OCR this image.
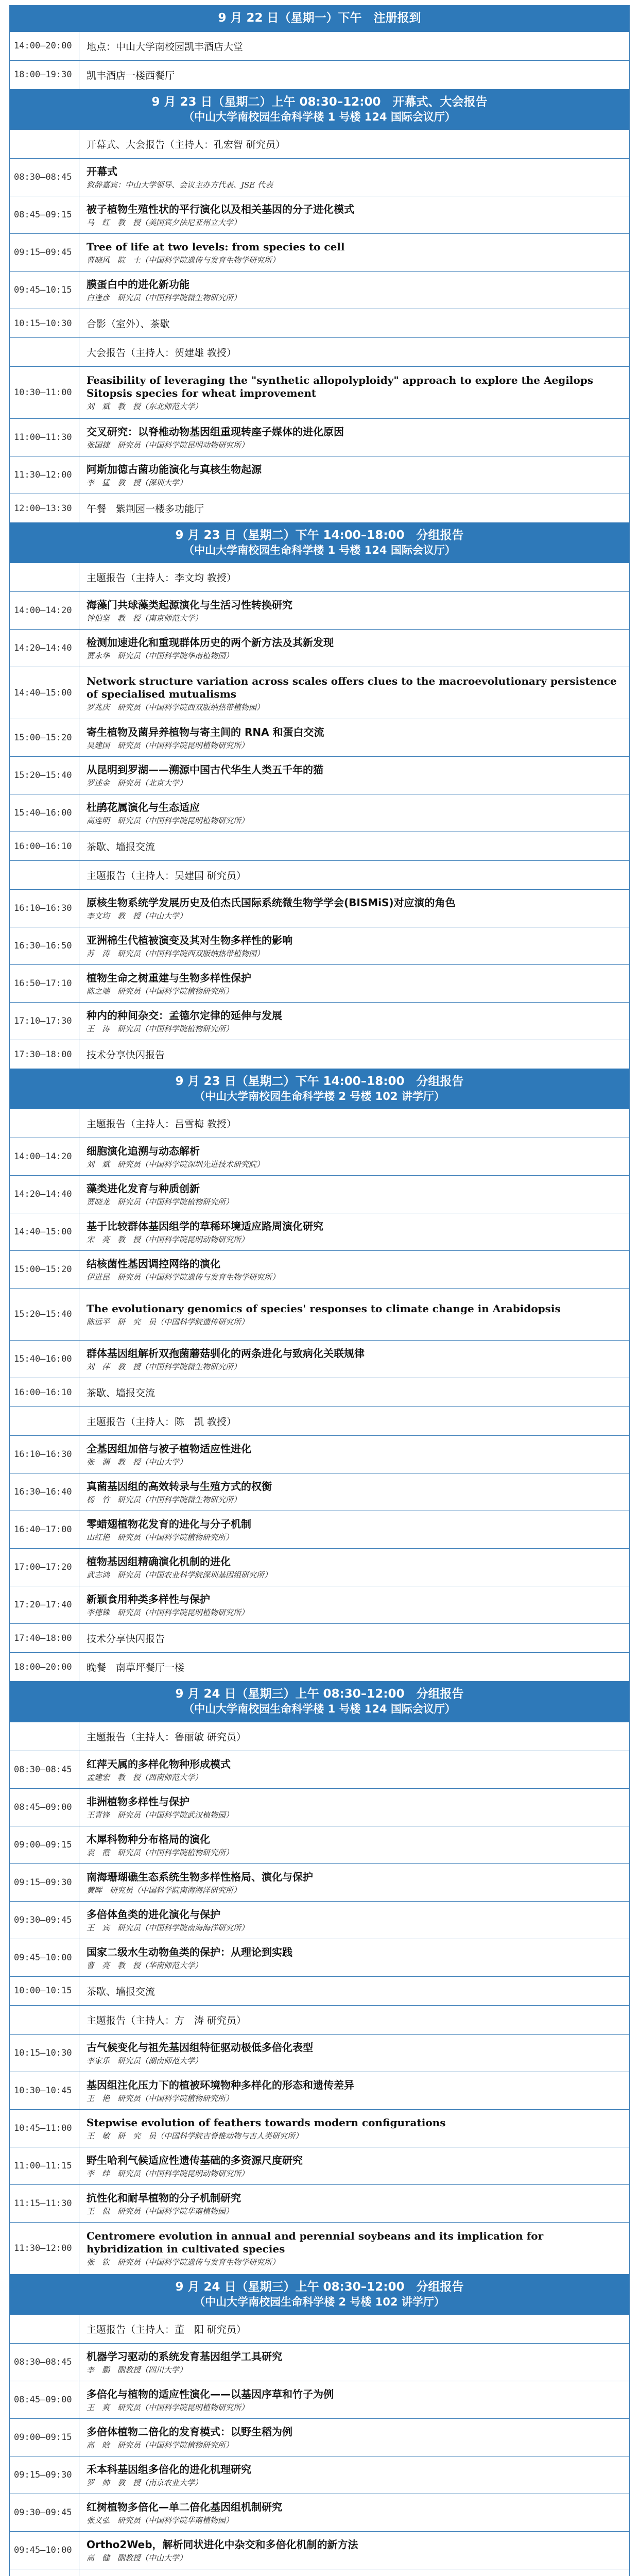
9 月 22 日（星期一）下午　注册报到	

14:00–20:00	地点：中山大学南校园凯丰酒店大堂
18:00–19:30	凯丰酒店一楼西餐厅

9 月 23 日（星期二）上午 08:30–12:00　开幕式、大会报告
（中山大学南校园生命科学楼 1 号楼 124 国际会议厅）	

	开幕式、大会报告（主持人：孔宏智 研究员）
08:30–08:45	开幕式
致辞嘉宾：中山大学领导、会议主办方代表、JSE 代表

08:45–09:15	被子植物生殖性状的平行演化以及相关基因的分子进化模式
马　红　教　授（美国宾夕法尼亚州立大学）

09:15–09:45	Tree of life at two levels: from species to cell
曹晓风　院　士（中国科学院遗传与发育生物学研究所）

09:45–10:15	膜蛋白中的进化新功能
白逢彦　研究员（中国科学院微生物研究所）

10:15–10:30	合影（室外）、茶歇
	大会报告（主持人：贺建雄 教授）
10:30–11:00	Feasibility of leveraging the "synthetic allopolyploidy" approach to explore the Aegilops Sitopsis species for wheat improvement
刘　斌　教　授（东北师范大学）

11:00–11:30	交叉研究：以脊椎动物基因组重现转座子媒体的进化原因
张国捷　研究员（中国科学院昆明动物研究所）

11:30–12:00	阿斯加德古菌功能演化与真核生物起源
李　猛　教　授（深圳大学）

12:00–13:30	午餐　紫荆园一楼多功能厅

9 月 23 日（星期二）下午 14:00–18:00　分组报告
（中山大学南校园生命科学楼 1 号楼 124 国际会议厅）	

	主题报告（主持人：李文均 教授）
14:00–14:20	海藻门共球藻类起源演化与生活习性转换研究
钟伯坚　教　授（南京师范大学）

14:20–14:40	检测加速进化和重现群体历史的两个新方法及其新发现
贾永华　研究员（中国科学院华南植物园）

14:40–15:00	Network structure variation across scales offers clues to the macroevolutionary persistence of specialised mutualisms
罗兆庆　研究员（中国科学院西双版纳热带植物园）

15:00–15:20	寄生植物及菌异养植物与寄主间的 RNA 和蛋白交流
吴建国　研究员（中国科学院昆明植物研究所）

15:20–15:40	从昆明到罗湖——溯源中国古代华生人类五千年的猫
罗述金　研究员（北京大学）

15:40–16:00	杜鹃花属演化与生态适应
高连明　研究员（中国科学院昆明植物研究所）

16:00–16:10	茶歇、墙报交流
	主题报告（主持人：吴建国 研究员）
16:10–16:30	原核生物系统学发展历史及伯杰氏国际系统微生物学学会(BISMiS)对应演的角色
李文均　教　授（中山大学）

16:30–16:50	亚洲棉生代植被演变及其对生物多样性的影响
苏　涛　研究员（中国科学院西双版纳热带植物园）

16:50–17:10	植物生命之树重建与生物多样性保护
陈之端　研究员（中国科学院植物研究所）

17:10–17:30	种内的种间杂交：孟德尔定律的延伸与发展
王　涛　研究员（中国科学院植物研究所）

17:30–18:00	技术分享快闪报告

9 月 23 日（星期二）下午 14:00–18:00　分组报告
（中山大学南校园生命科学楼 2 号楼 102 讲学厅）	

	主题报告（主持人：吕雪梅 教授）
14:00–14:20	细胞演化追溯与动态解析
刘　斌　研究员（中国科学院深圳先进技术研究院）

14:20–14:40	藻类进化发育与种质创新
贾晓龙　研究员（中国科学院植物研究所）

14:40–15:00	基于比较群体基因组学的草稀环境适应路周演化研究
宋　亮　教　授（中国科学院昆明动物研究所）

15:00–15:20	结核菌性基因调控网络的演化
伊进昆　研究员（中国科学院遗传与发育生物学研究所）

15:20–15:40	The evolutionary genomics of species' responses to climate change in Arabidopsis
陈远平　研　究　员（中国科学院遗传研究所）

15:40–16:00	群体基因组解析双孢菌蘑菇驯化的两条进化与致病化关联规律
刘　萍　教　授（中国科学院微生物研究所）

16:00–16:10	茶歇、墙报交流
	主题报告（主持人：陈　凯 教授）
16:10–16:30	全基因组加倍与被子植物适应性进化
张　渊　教　授（中山大学）

16:30–16:40	真菌基因组的高效转录与生殖方式的权衡
杨　竹　研究员（中国科学院微生物研究所）

16:40–17:00	零蜡翅植物花发育的进化与分子机制
山红艳　研究员（中国科学院植物研究所）

17:00–17:20	植物基因组精确演化机制的进化
武志鸿　研究员（中国农业科学院深圳基因组研究所）

17:20–17:40	新颖食用种类多样性与保护
李德铢　研究员（中国科学院昆明植物研究所）

17:40–18:00	技术分享快闪报告
18:00–20:00	晚餐　南草坪餐厅一楼

9 月 24 日（星期三）上午 08:30–12:00　分组报告
（中山大学南校园生命科学楼 1 号楼 124 国际会议厅）	

	主题报告（主持人：鲁丽敏 研究员）
08:30–08:45	红萍天属的多样化物种形成模式
孟建宏　教　授（西南师范大学）

08:45–09:00	非洲植物多样性与保护
王青锋　研究员（中国科学院武汉植物园）

09:00–09:15	木犀科物种分布格局的演化
袁　霞　研究员（中国科学院植物研究所）

09:15–09:30	南海珊瑚礁生态系统生物多样性格局、演化与保护
黄晖　研究员（中国科学院南海海洋研究所）

09:30–09:45	多倍体鱼类的进化演化与保护
王　宾　研究员（中国科学院南海海洋研究所）

09:45–10:00	国家二级水生动物鱼类的保护：从理论到实践
曹　亮　教　授（华南师范大学）

10:00–10:15	茶歇、墙报交流
	主题报告（主持人：方　涛 研究员）
10:15–10:30	古气候变化与祖先基因组特征驱动极低多倍化表型
李家乐　研究员（湖南师范大学）

10:30–10:45	基因组注化压力下的植被环境物种多样化的形态和遗传差异
王　艳　研究员（中国科学院植物研究所）

10:45–11:00	Stepwise evolution of feathers towards modern configurations
王　敏　研　究　员（中国科学院古脊椎动物与古人类研究所）

11:00–11:15	野生哈利气候适应性遗传基础的多资源尺度研究
李　绊　研究员（中国科学院昆明动物研究所）

11:15–11:30	抗性化和耐旱植物的分子机制研究
王　侃　研究员（中国科学院华南植物园）

11:30–12:00	Centromere evolution in annual and perennial soybeans and its implication for hybridization in cultivated species
张　钦　研究员（中国科学院遗传与发育生物学研究所）

9 月 24 日（星期三）上午 08:30–12:00　分组报告
（中山大学南校园生命科学楼 2 号楼 102 讲学厅）	

	主题报告（主持人：董　阳 研究员）
08:30–08:45	机器学习驱动的系统发育基因组学工具研究
李　鹏　副教授（四川大学）

08:45–09:00	多倍化与植物的适应性演化——以基因序草和竹子为例
王　爽　研究员（中国科学院昆明植物研究所）

09:00–09:15	多倍体植物二倍化的发育模式：以野生稻为例
高　晗　研究员（中国科学院植物研究所）

09:15–09:30	禾本科基因组多倍化的进化机理研究
罗　帅　教　授（南京农业大学）

09:30–09:45	红树植物多倍化—单二倍化基因组机制研究
张义弘　研究员（中国科学院华南植物园）

09:45–10:00	Ortho2Web，解析同状进化中杂交和多倍化机制的新方法
高　健　副教授（中山大学）
